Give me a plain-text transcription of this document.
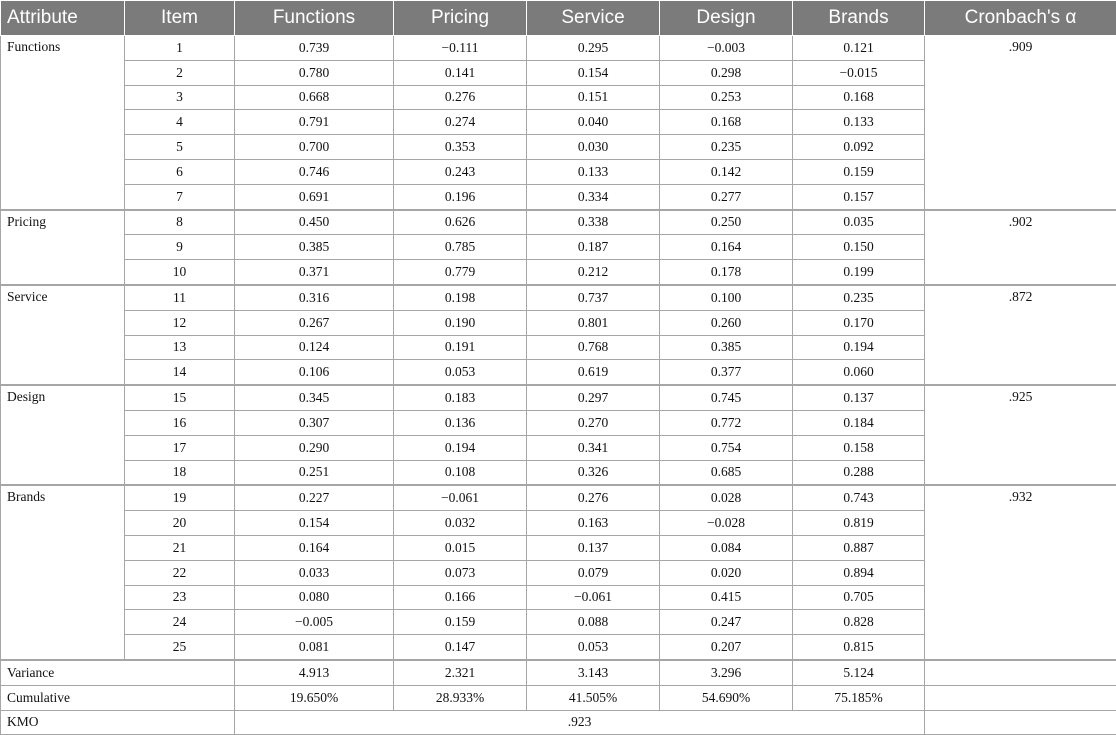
Attribute	Item	Functions	Pricing	Service	Design	Brands	Cronbach's α
Functions	1	0.739	−0.111	0.295	−0.003	0.121	.909
	2	0.780	0.141	0.154	0.298	−0.015	
	3	0.668	0.276	0.151	0.253	0.168	
	4	0.791	0.274	0.040	0.168	0.133	
	5	0.700	0.353	0.030	0.235	0.092	
	6	0.746	0.243	0.133	0.142	0.159	
	7	0.691	0.196	0.334	0.277	0.157	
Pricing	8	0.450	0.626	0.338	0.250	0.035	.902
	9	0.385	0.785	0.187	0.164	0.150	
	10	0.371	0.779	0.212	0.178	0.199	
Service	11	0.316	0.198	0.737	0.100	0.235	.872
	12	0.267	0.190	0.801	0.260	0.170	
	13	0.124	0.191	0.768	0.385	0.194	
	14	0.106	0.053	0.619	0.377	0.060	
Design	15	0.345	0.183	0.297	0.745	0.137	.925
	16	0.307	0.136	0.270	0.772	0.184	
	17	0.290	0.194	0.341	0.754	0.158	
	18	0.251	0.108	0.326	0.685	0.288	
Brands	19	0.227	−0.061	0.276	0.028	0.743	.932
	20	0.154	0.032	0.163	−0.028	0.819	
	21	0.164	0.015	0.137	0.084	0.887	
	22	0.033	0.073	0.079	0.020	0.894	
	23	0.080	0.166	−0.061	0.415	0.705	
	24	−0.005	0.159	0.088	0.247	0.828	
	25	0.081	0.147	0.053	0.207	0.815	
Variance		4.913	2.321	3.143	3.296	5.124	
Cumulative		19.650%	28.933%	41.505%	54.690%	75.185%	
KMO		.923					
